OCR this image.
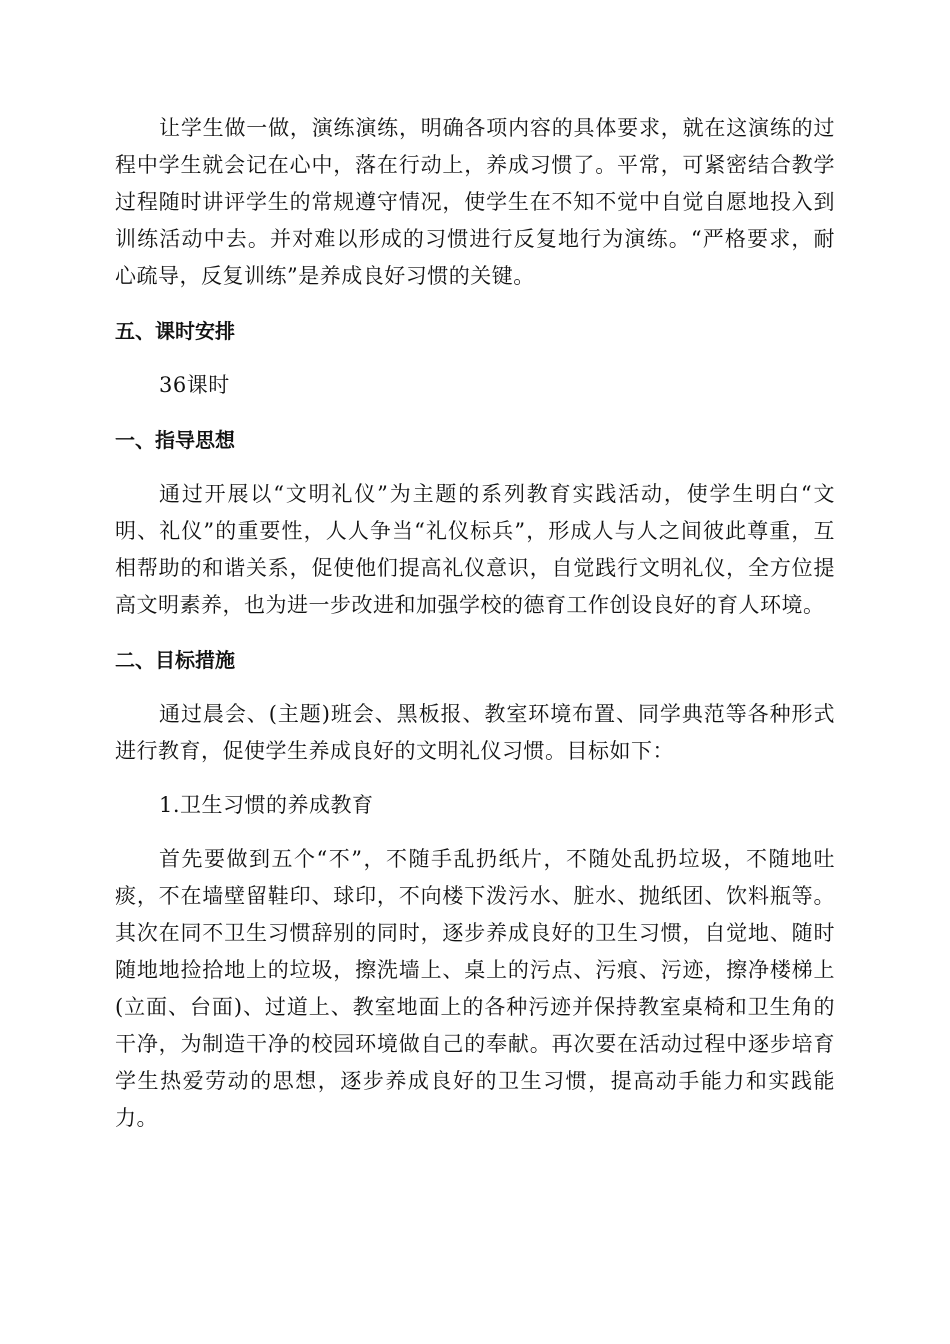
让学生做一做，演练演练，明确各项内容的具体要求，就在这演练的过程中学生就会记在心中，落在行动上，养成习惯了。平常，可紧密结合教学过程随时讲评学生的常规遵守情况，使学生在不知不觉中自觉自愿地投入到训练活动中去。并对难以形成的习惯进行反复地行为演练。“严格要求，耐心疏导，反复训练”是养成良好习惯的关键。

五、课时安排

36课时

一、指导思想

通过开展以“文明礼仪”为主题的系列教育实践活动，使学生明白“文明、礼仪”的重要性，人人争当“礼仪标兵”，形成人与人之间彼此尊重，互相帮助的和谐关系，促使他们提高礼仪意识，自觉践行文明礼仪，全方位提高文明素养，也为进一步改进和加强学校的德育工作创设良好的育人环境。

二、目标措施

通过晨会、(主题)班会、黑板报、教室环境布置、同学典范等各种形式进行教育，促使学生养成良好的文明礼仪习惯。目标如下：

1.卫生习惯的养成教育

首先要做到五个“不”，不随手乱扔纸片，不随处乱扔垃圾，不随地吐痰，不在墙壁留鞋印、球印，不向楼下泼污水、脏水、抛纸团、饮料瓶等。其次在同不卫生习惯辞别的同时，逐步养成良好的卫生习惯，自觉地、随时随地地捡拾地上的垃圾，擦洗墙上、桌上的污点、污痕、污迹，擦净楼梯上(立面、台面)、过道上、教室地面上的各种污迹并保持教室桌椅和卫生角的干净，为制造干净的校园环境做自己的奉献。再次要在活动过程中逐步培育学生热爱劳动的思想，逐步养成良好的卫生习惯，提高动手能力和实践能力。
